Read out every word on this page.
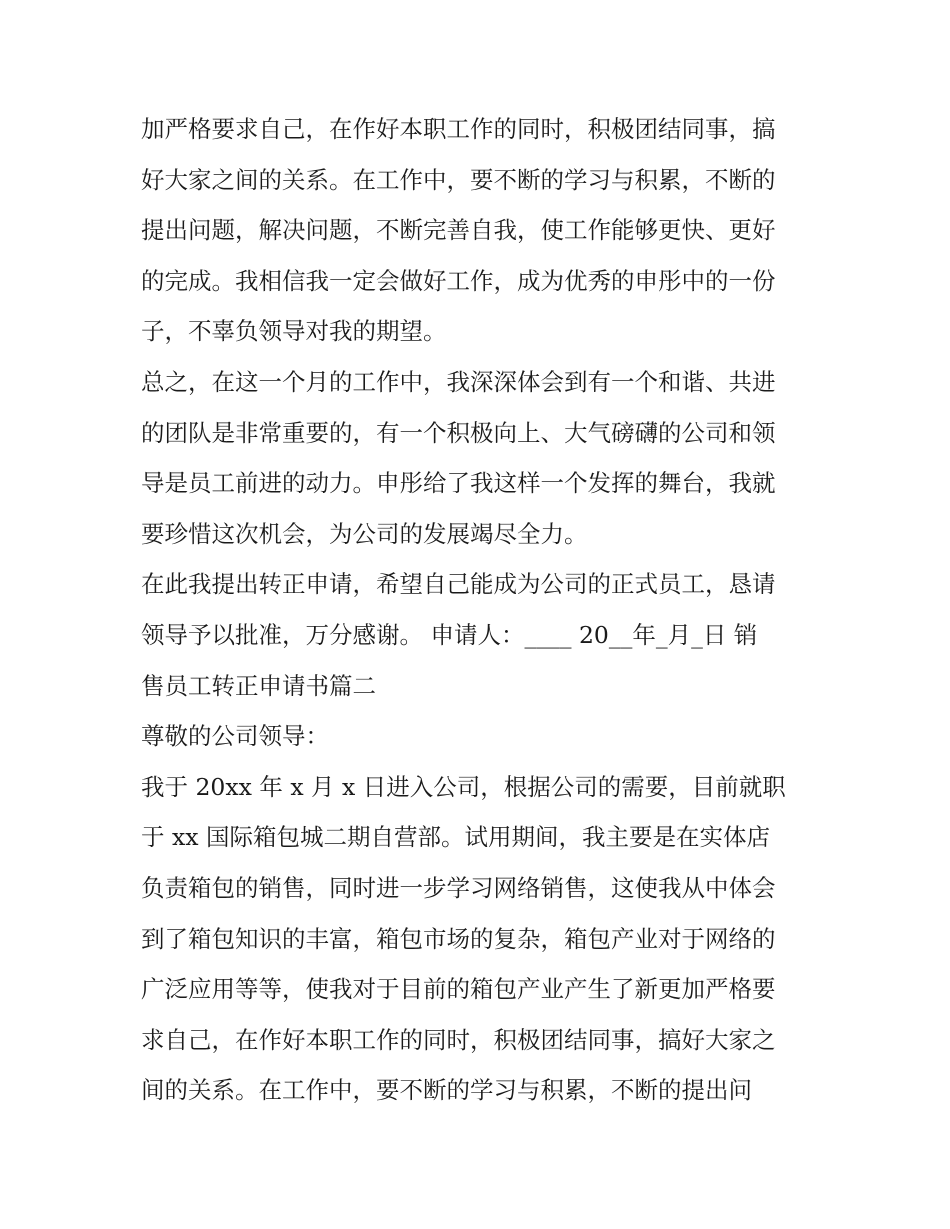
加严格要求自己，在作好本职工作的同时，积极团结同事，搞
好大家之间的关系。在工作中，要不断的学习与积累，不断的
提出问题，解决问题，不断完善自我，使工作能够更快、更好
的完成。我相信我一定会做好工作，成为优秀的申彤中的一份
子，不辜负领导对我的期望。
总之，在这一个月的工作中，我深深体会到有一个和谐、共进
的团队是非常重要的，有一个积极向上、大气磅礴的公司和领
导是员工前进的动力。申彤给了我这样一个发挥的舞台，我就
要珍惜这次机会，为公司的发展竭尽全力。
在此我提出转正申请，希望自己能成为公司的正式员工，恳请
领导予以批准，万分感谢。 申请人：____ 20__年_月_日 销
售员工转正申请书篇二
尊敬的公司领导：
我于 20xx 年 x 月 x 日进入公司，根据公司的需要，目前就职
于 xx 国际箱包城二期自营部。试用期间，我主要是在实体店
负责箱包的销售，同时进一步学习网络销售，这使我从中体会
到了箱包知识的丰富，箱包市场的复杂，箱包产业对于网络的
广泛应用等等，使我对于目前的箱包产业产生了新更加严格要
求自己，在作好本职工作的同时，积极团结同事，搞好大家之
间的关系。在工作中，要不断的学习与积累，不断的提出问
